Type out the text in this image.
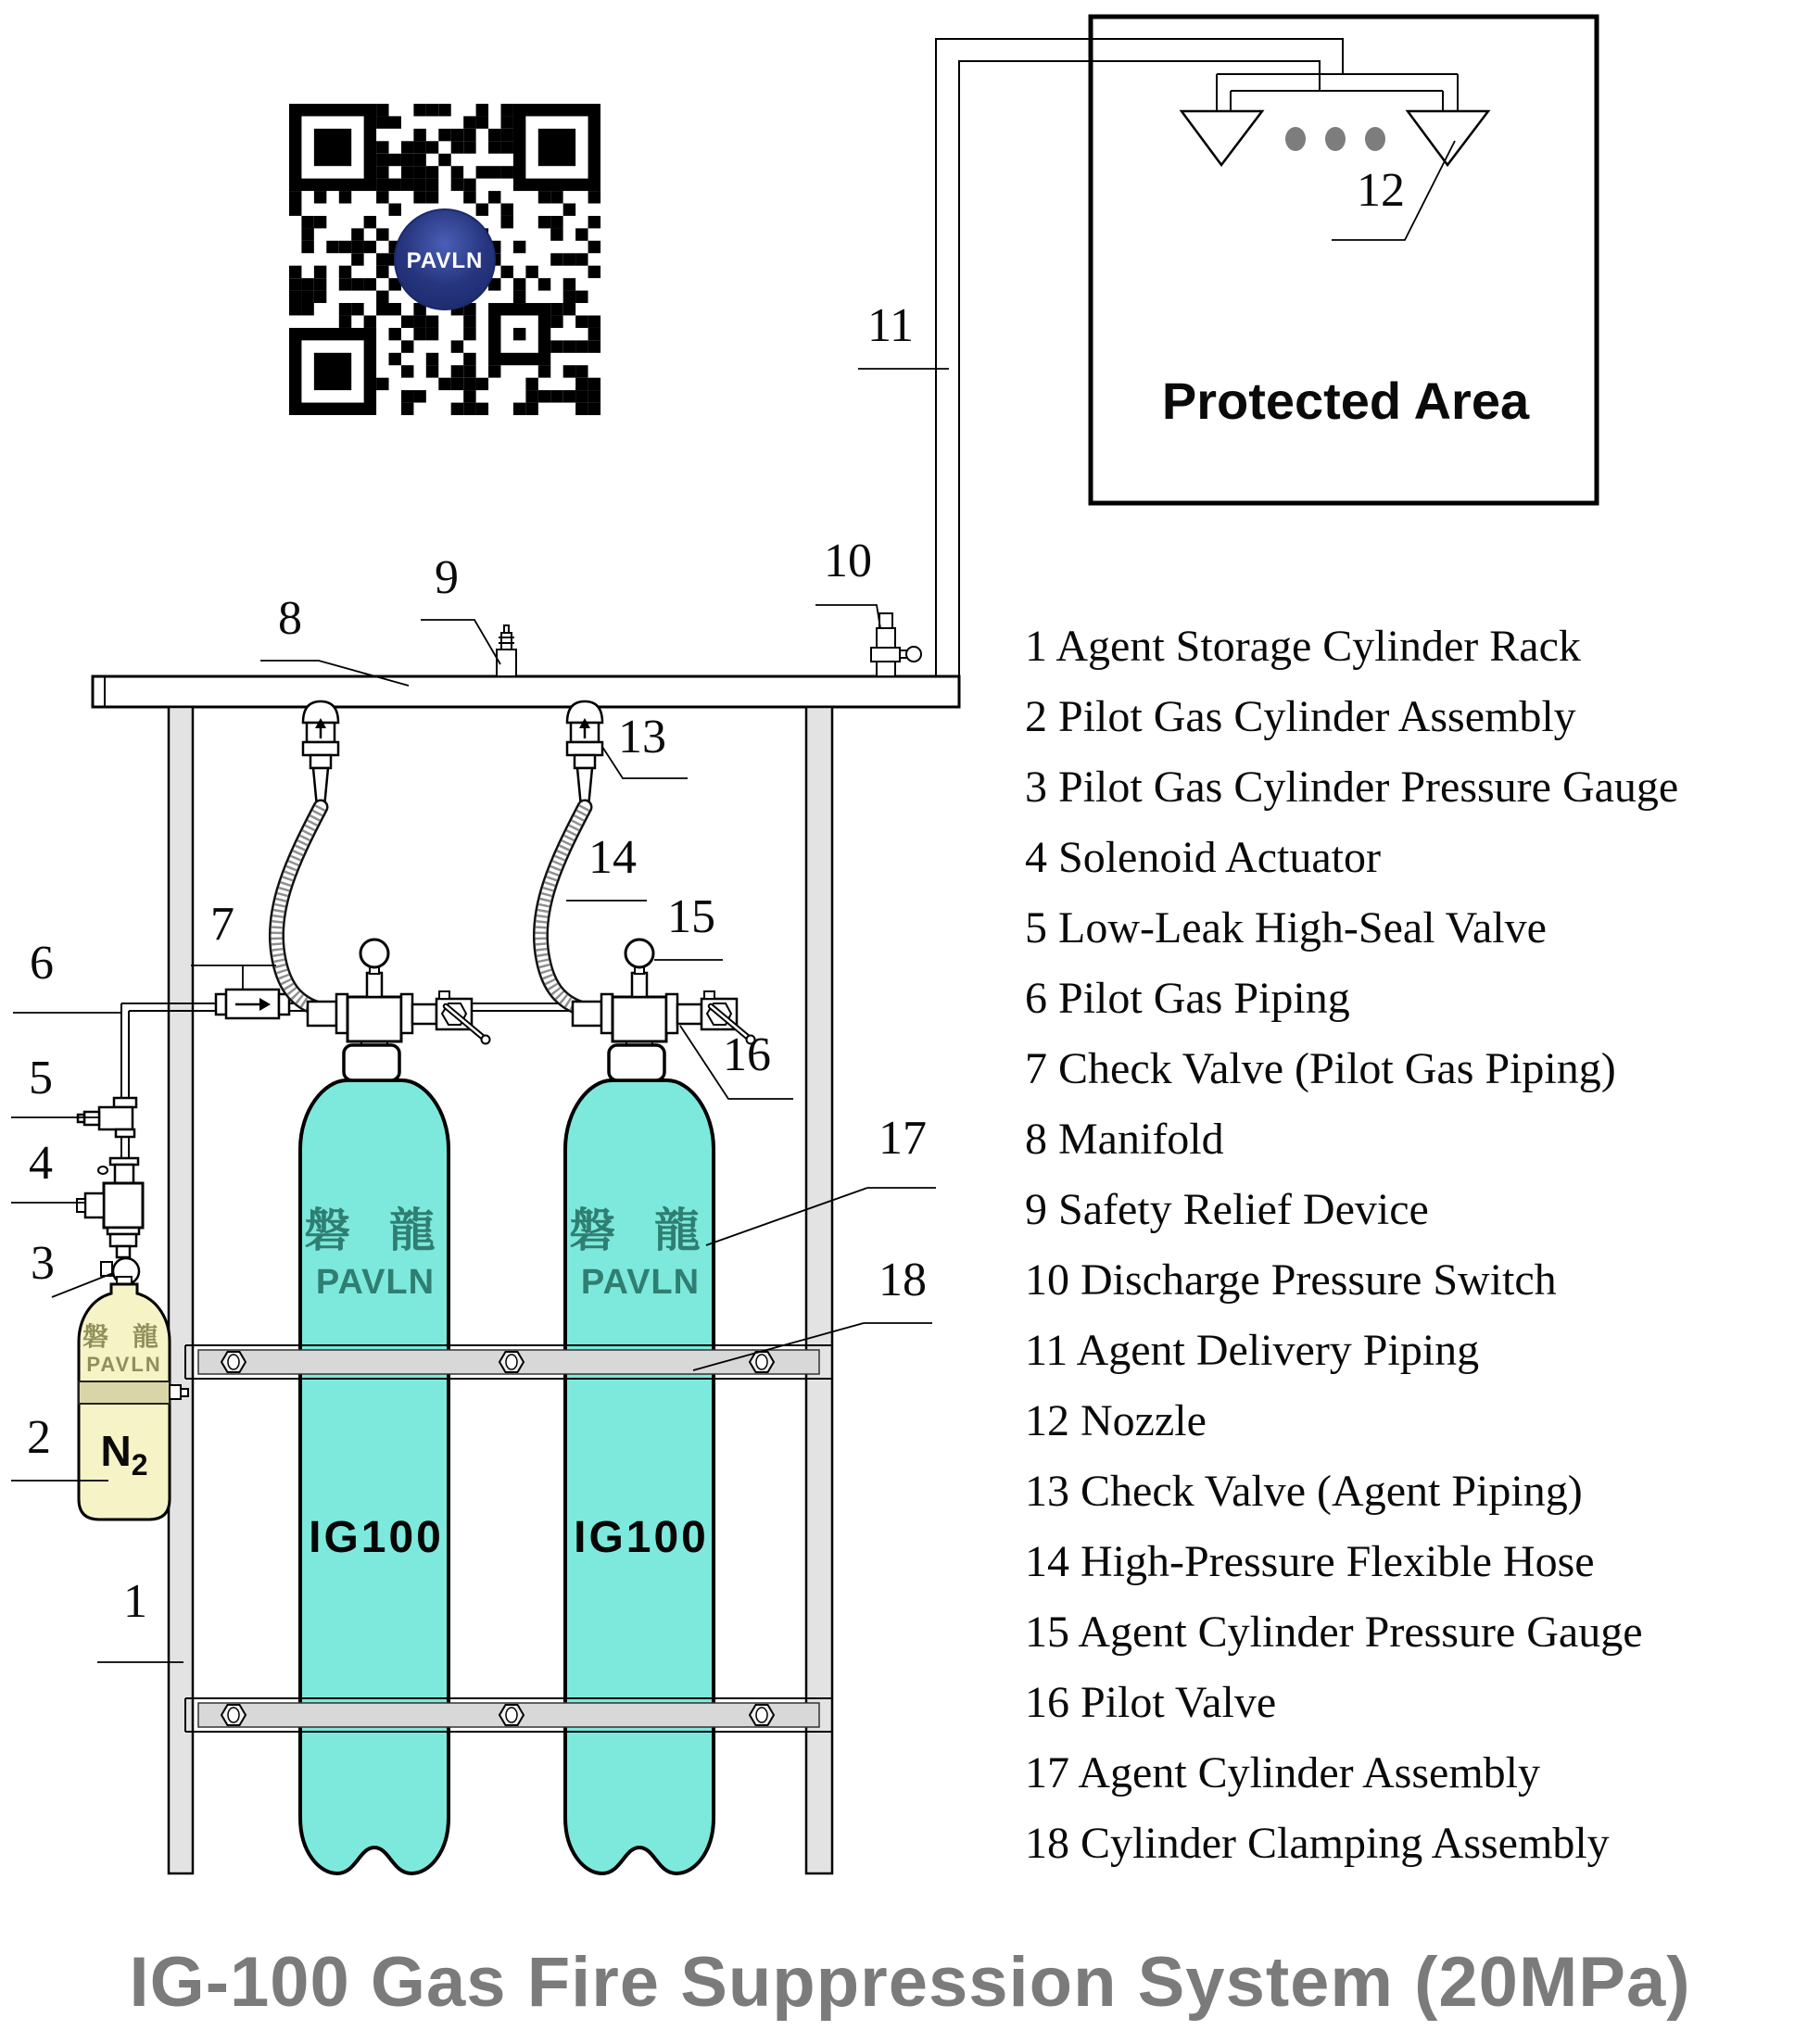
Protected Area
磐 龍
PAVLN
IG100
磐 龍
PAVLN
IG100
磐 龍
PAVLN
N2
1
2
3
4
5
6
7
8
9	10
11
12
13
14
15
16
17
18
PAVLN
1 Agent Storage Cylinder Rack
2 Pilot Gas Cylinder Assembly
3 Pilot Gas Cylinder Pressure Gauge
4 Solenoid Actuator
5 Low-Leak High-Seal Valve
6 Pilot Gas Piping
7 Check Valve (Pilot Gas Piping)
8 Manifold
9 Safety Relief Device
10 Discharge Pressure Switch
11 Agent Delivery Piping
12 Nozzle
13 Check Valve (Agent Piping)
14 High-Pressure Flexible Hose
15 Agent Cylinder Pressure Gauge
16 Pilot Valve
17 Agent Cylinder Assembly
18 Cylinder Clamping Assembly
IG-100 Gas Fire Suppression System (20MPa)
